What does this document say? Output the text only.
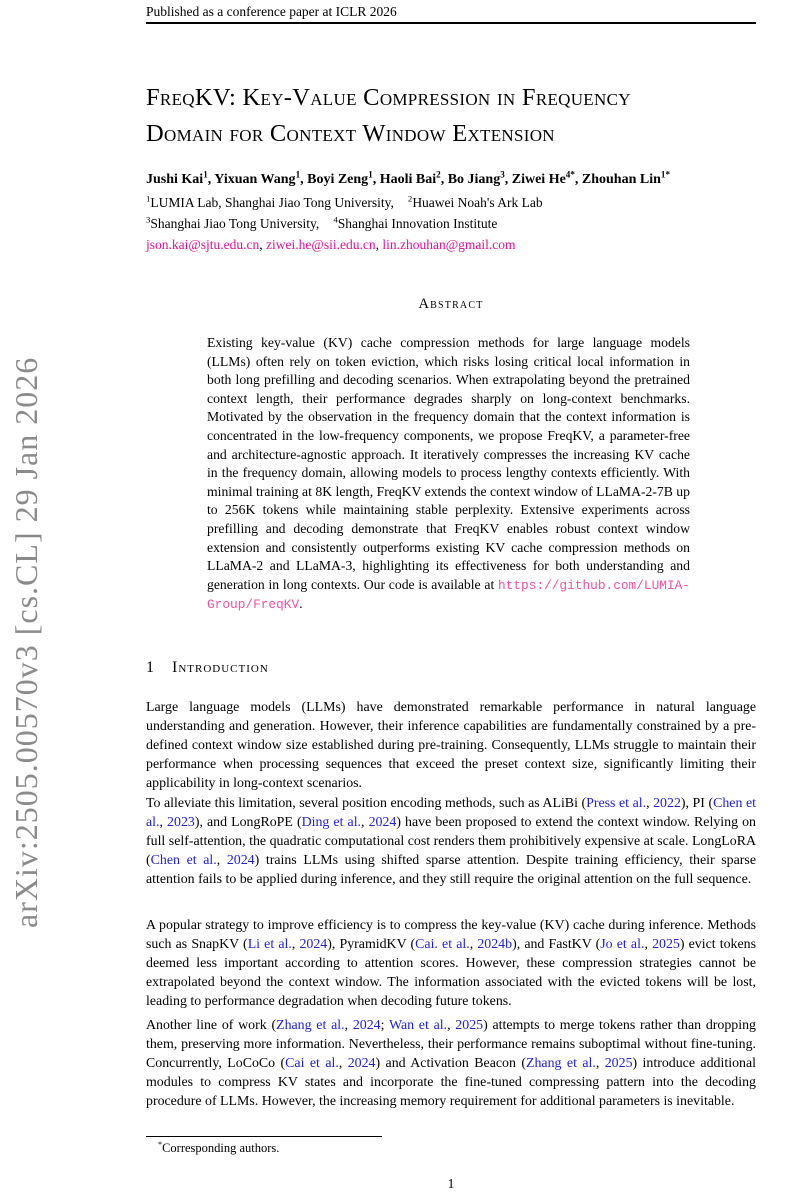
Published as a conference paper at ICLR 2026
arXiv:2505.00570v3 [cs.CL] 29 Jan 2026
FreqKV: Key-Value Compression in Frequency
Domain for Context Window Extension
Jushi Kai$^1$, Yixuan Wang$^1$, Boyi Zeng$^1$, Haoli Bai$^2$, Bo Jiang$^3$, Ziwei $He^{4*}$, Zhouhan Lin$^{1*}$
$^1$LUMIA Lab, Shanghai Jiao Tong University, $^2$Huawei Noah's Ark Lab
$^3$Shanghai Jiao Tong University, $^4$Shanghai Innovation Institute
json.kai@sjtu.edu.cn, ziwei.he@sii.edu.cn, lin.zhouhan@gmail.com
Abstract
Existing key-value (KV) cache compression methods for large language models (LLMs) often rely on token eviction, which risks losing critical local information in both long prefilling and decoding scenarios. When extrapolating beyond the pretrained context length, their performance degrades sharply on long-context benchmarks. Motivated by the observation in the frequency domain that the context information is concentrated in the low-frequency components, we propose FreqKV, a parameter-free and architecture-agnostic approach. It iteratively compresses the increasing KV cache in the frequency domain, allowing models to process lengthy contexts efficiently. With minimal training at 8K length, FreqKV extends the context window of LLaMA-2-7B up to 256K tokens while maintaining stable perplexity. Extensive experiments across prefilling and decoding demonstrate that FreqKV enables robust context window extension and consistently outperforms existing KV cache compression methods on LLaMA-2 and LLaMA-3, highlighting its effectiveness for both understanding and generation in long contexts. Our code is available at https://github.com/LUMIA-Group/FreqKV.
1 Introduction
Large language models (LLMs) have demonstrated remarkable performance in natural language understanding and generation. However, their inference capabilities are fundamentally constrained by a pre-defined context window size established during pre-training. Consequently, LLMs struggle to maintain their performance when processing sequences that exceed the preset context size, significantly limiting their applicability in long-context scenarios.
To alleviate this limitation, several position encoding methods, such as ALiBi (Press et al., 2022), PI (Chen et al., 2023), and LongRoPE (Ding et al., 2024) have been proposed to extend the context window. Relying on full self-attention, the quadratic computational cost renders them prohibitively expensive at scale. LongLoRA (Chen et al., 2024) trains LLMs using shifted sparse attention. Despite training efficiency, their sparse attention fails to be applied during inference, and they still require the original attention on the full sequence.
A popular strategy to improve efficiency is to compress the key-value (KV) cache during inference. Methods such as SnapKV (Li et al., 2024), PyramidKV (Cai. et al., 2024b), and FastKV (Jo et al., 2025) evict tokens deemed less important according to attention scores. However, these compression strategies cannot be extrapolated beyond the context window. The information associated with the evicted tokens will be lost, leading to performance degradation when decoding future tokens.
Another line of work (Zhang et al., 2024; Wan et al., 2025) attempts to merge tokens rather than dropping them, preserving more information. Nevertheless, their performance remains suboptimal without fine-tuning. Concurrently, LoCoCo (Cai et al., 2024) and Activation Beacon (Zhang et al., 2025) introduce additional modules to compress KV states and incorporate the fine-tuned compressing pattern into the decoding procedure of LLMs. However, the increasing memory requirement for additional parameters is inevitable.
*Corresponding authors.
1
